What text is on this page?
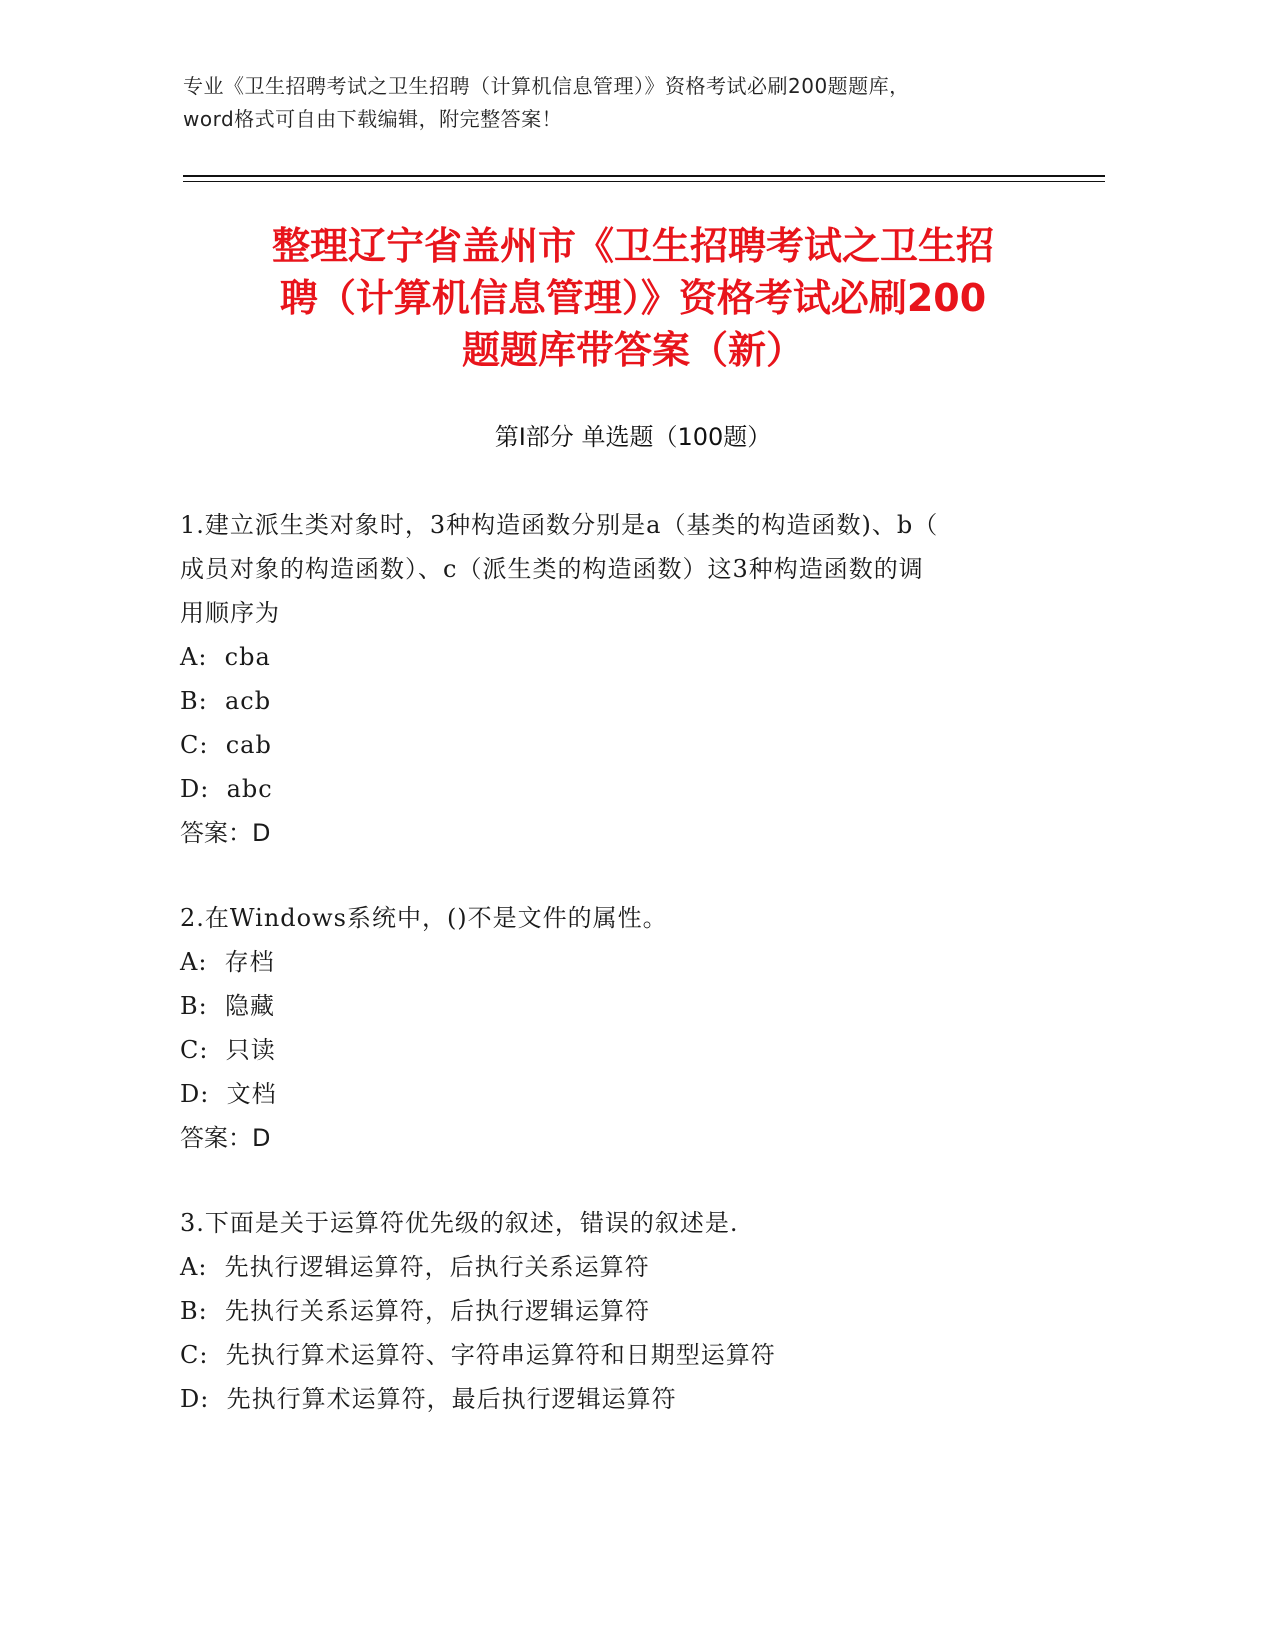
专业《卫生招聘考试之卫生招聘（计算机信息管理）》资格考试必刷200题题库，
word格式可自由下载编辑，附完整答案！
整理辽宁省盖州市《卫生招聘考试之卫生招
聘（计算机信息管理）》资格考试必刷200
题题库带答案（新）
第Ⅰ部分 单选题（100题）
1.建立派生类对象时，3种构造函数分别是a（基类的构造函数)、b（
成员对象的构造函数）、c（派生类的构造函数）这3种构造函数的调
用顺序为
A:  cba
B:  acb
C:  cab
D:  abc
答案：D
2.在Windows系统中，()不是文件的属性。
A:  存档
B:  隐藏
C:  只读
D:  文档
答案：D
3.下面是关于运算符优先级的叙述，错误的叙述是.
A:  先执行逻辑运算符，后执行关系运算符
B:  先执行关系运算符，后执行逻辑运算符
C:  先执行算术运算符、字符串运算符和日期型运算符
D:  先执行算术运算符，最后执行逻辑运算符
